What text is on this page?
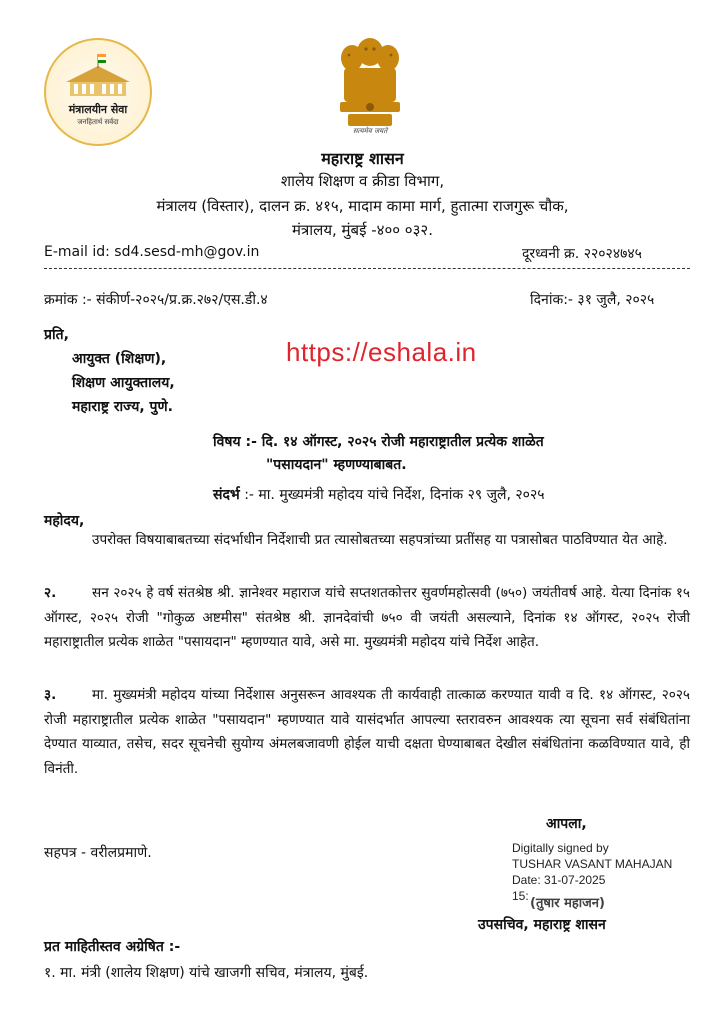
मंत्रालयीन सेवा
जनहितार्थ सर्वदा
सत्यमेव जयते
महाराष्ट्र शासन
शालेय शिक्षण व क्रीडा विभाग,
मंत्रालय (विस्तार), दालन क्र. ४१५, मादाम कामा मार्ग, हुतात्मा राजगुरू चौक,
मंत्रालय, मुंबई -४०० ०३२.
E-mail id: sd4.sesd-mh@gov.in	दूरध्वनी क्र. २२०२४७४५
क्रमांक :- संकीर्ण-२०२५/प्र.क्र.२७२/एस.डी.४	दिनांक:- ३१ जुलै, २०२५
प्रति,
आयुक्त (शिक्षण),
शिक्षण आयुक्तालय,
महाराष्ट्र राज्य, पुणे.
https://eshala.in
विषय :- दि. १४ ऑगस्ट, २०२५ रोजी महाराष्ट्रातील प्रत्येक शाळेत
"पसायदान" म्हणण्याबाबत.
संदर्भ :- मा. मुख्यमंत्री महोदय यांचे निर्देश, दिनांक २९ जुलै, २०२५
महोदय,
उपरोक्त विषयाबाबतच्या संदर्भाधीन निर्देशाची प्रत त्यासोबतच्या सहपत्रांच्या प्रतींसह या पत्रासोबत पाठविण्यात येत आहे.
२.	सन २०२५ हे वर्ष संतश्रेष्ठ श्री. ज्ञानेश्वर महाराज यांचे सप्तशतकोत्तर सुवर्णमहोत्सवी (७५०) जयंतीवर्ष आहे. येत्या दिनांक १५ ऑगस्ट, २०२५ रोजी "गोकुळ अष्टमीस" संतश्रेष्ठ श्री. ज्ञानदेवांची ७५० वी जयंती असल्याने, दिनांक १४ ऑगस्ट, २०२५ रोजी महाराष्ट्रातील प्रत्येक शाळेत "पसायदान" म्हणण्यात यावे, असे मा. मुख्यमंत्री महोदय यांचे निर्देश आहेत.
३.	मा. मुख्यमंत्री महोदय यांच्या निर्देशास अनुसरून आवश्यक ती कार्यवाही तात्काळ करण्यात यावी व दि. १४ ऑगस्ट, २०२५ रोजी महाराष्ट्रातील प्रत्येक शाळेत "पसायदान" म्हणण्यात यावे यासंदर्भात आपल्या स्तरावरुन आवश्यक त्या सूचना सर्व संबंधितांना देण्यात याव्यात, तसेच, सदर सूचनेची सुयोग्य अंमलबजावणी होईल याची दक्षता घेण्याबाबत देखील संबंधितांना कळविण्यात यावे, ही विनंती.
आपला,
सहपत्र - वरीलप्रमाणे.	Digitally signed by
TUSHAR VASANT MAHAJAN
Date: 31-07-2025
15: (तुषार महाजन)
उपसचिव, महाराष्ट्र शासन
प्रत माहितीस्तव अग्रेषित :-
१. मा. मंत्री (शालेय शिक्षण) यांचे खाजगी सचिव, मंत्रालय, मुंबई.
